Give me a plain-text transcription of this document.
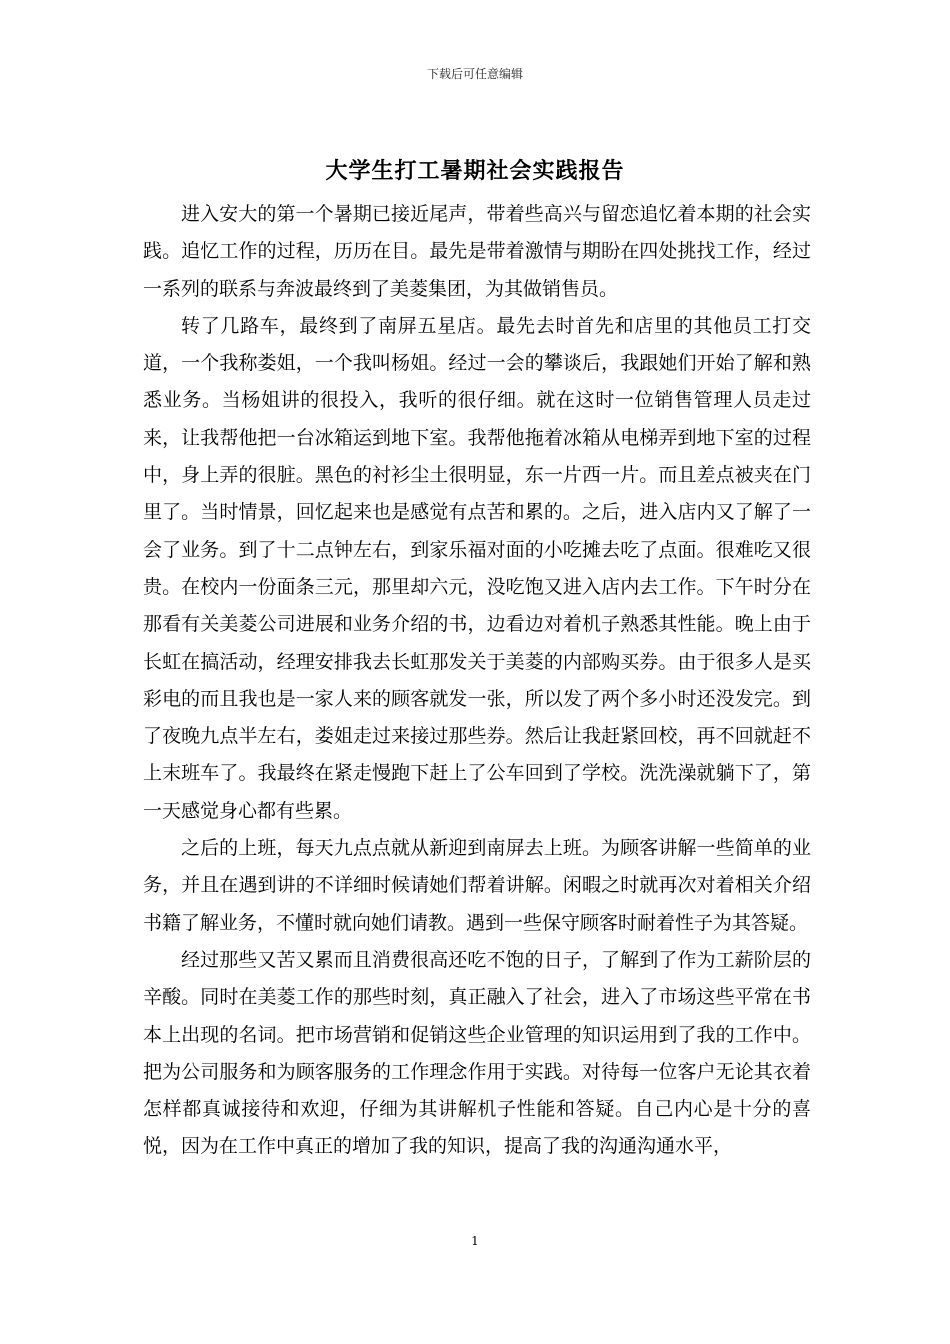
下载后可任意编辑
大学生打工暑期社会实践报告

进入安大的第一个暑期已接近尾声，带着些高兴与留恋追忆着本期的社会实践。追忆工作的过程，历历在目。最先是带着激情与期盼在四处挑找工作，经过一系列的联系与奔波最终到了美菱集团，为其做销售员。

转了几路车，最终到了南屏五星店。最先去时首先和店里的其他员工打交道，一个我称娄姐，一个我叫杨姐。经过一会的攀谈后，我跟她们开始了解和熟悉业务。当杨姐讲的很投入，我听的很仔细。就在这时一位销售管理人员走过来，让我帮他把一台冰箱运到地下室。我帮他拖着冰箱从电梯弄到地下室的过程中，身上弄的很脏。黑色的衬衫尘土很明显，东一片西一片。而且差点被夹在门里了。当时情景，回忆起来也是感觉有点苦和累的。之后，进入店内又了解了一会了业务。到了十二点钟左右，到家乐福对面的小吃摊去吃了点面。很难吃又很贵。在校内一份面条三元，那里却六元，没吃饱又进入店内去工作。下午时分在那看有关美菱公司进展和业务介绍的书，边看边对着机子熟悉其性能。晚上由于长虹在搞活动，经理安排我去长虹那发关于美菱的内部购买券。由于很多人是买彩电的而且我也是一家人来的顾客就发一张，所以发了两个多小时还没发完。到了夜晚九点半左右，娄姐走过来接过那些券。然后让我赶紧回校，再不回就赶不上末班车了。我最终在紧走慢跑下赶上了公车回到了学校。洗洗澡就躺下了，第一天感觉身心都有些累。

之后的上班，每天九点点就从新迎到南屏去上班。为顾客讲解一些简单的业务，并且在遇到讲的不详细时候请她们帮着讲解。闲暇之时就再次对着相关介绍书籍了解业务，不懂时就向她们请教。遇到一些保守顾客时耐着性子为其答疑。

经过那些又苦又累而且消费很高还吃不饱的日子，了解到了作为工薪阶层的辛酸。同时在美菱工作的那些时刻，真正融入了社会，进入了市场这些平常在书本上出现的名词。把市场营销和促销这些企业管理的知识运用到了我的工作中。把为公司服务和为顾客服务的工作理念作用于实践。对待每一位客户无论其衣着怎样都真诚接待和欢迎，仔细为其讲解机子性能和答疑。自己内心是十分的喜悦，因为在工作中真正的增加了我的知识，提高了我的沟通沟通水平，

1
